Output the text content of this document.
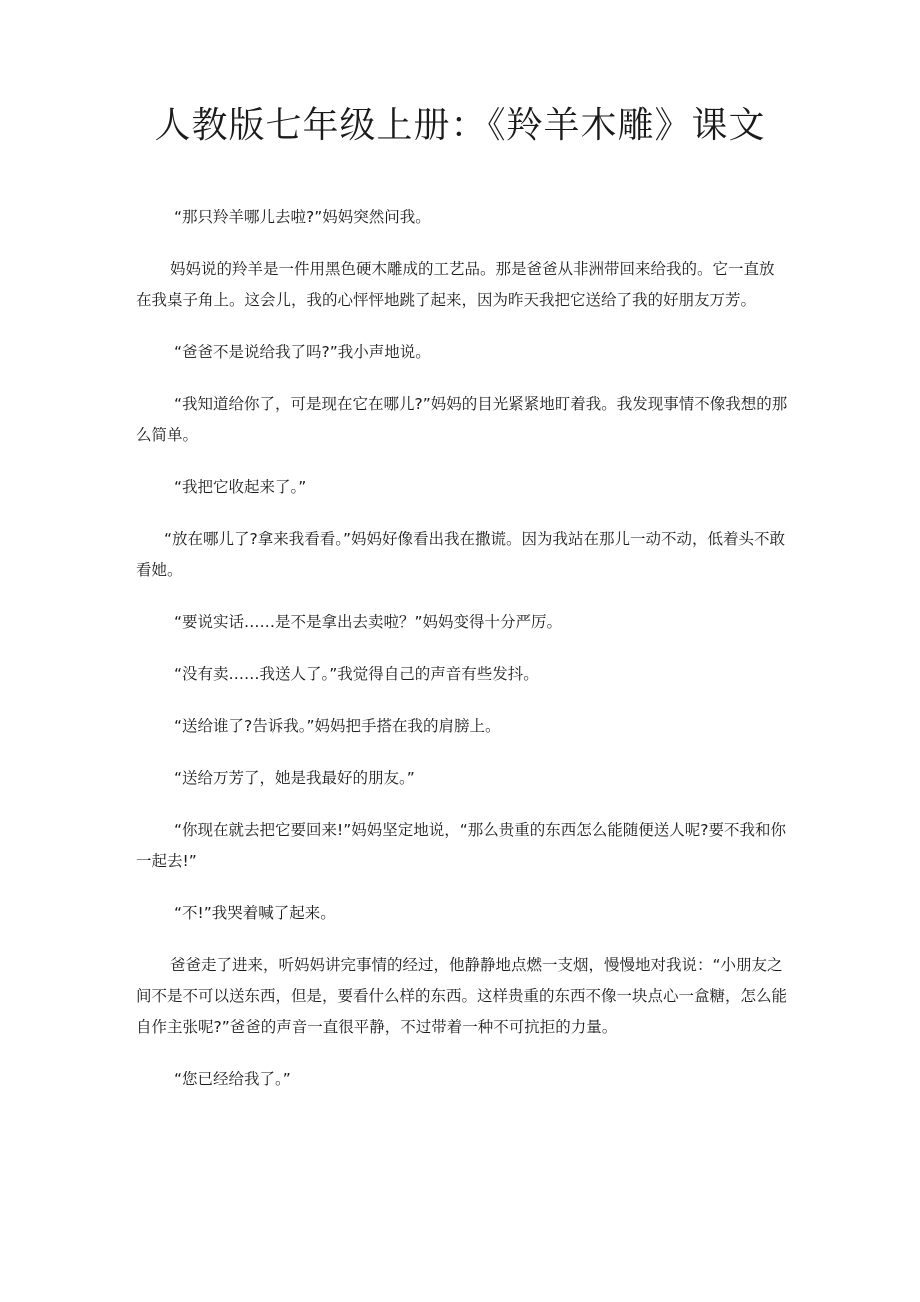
人教版七年级上册：《羚羊木雕》课文

“那只羚羊哪儿去啦?”妈妈突然问我。

妈妈说的羚羊是一件用黑色硬木雕成的工艺品。那是爸爸从非洲带回来给我的。它一直放在我桌子角上。这会儿，我的心怦怦地跳了起来，因为昨天我把它送给了我的好朋友万芳。

“爸爸不是说给我了吗?”我小声地说。

“我知道给你了，可是现在它在哪儿?”妈妈的目光紧紧地盯着我。我发现事情不像我想的那么简单。

“我把它收起来了。”

“放在哪儿了?拿来我看看。”妈妈好像看出我在撒谎。因为我站在那儿一动不动，低着头不敢看她。

“要说实话……是不是拿出去卖啦？”妈妈变得十分严厉。

“没有卖……我送人了。”我觉得自己的声音有些发抖。

“送给谁了?告诉我。”妈妈把手搭在我的肩膀上。

“送给万芳了，她是我最好的朋友。”

“你现在就去把它要回来!”妈妈坚定地说，“那么贵重的东西怎么能随便送人呢?要不我和你一起去!”

“不!”我哭着喊了起来。

爸爸走了进来，听妈妈讲完事情的经过，他静静地点燃一支烟，慢慢地对我说：“小朋友之间不是不可以送东西，但是，要看什么样的东西。这样贵重的东西不像一块点心一盒糖，怎么能自作主张呢?”爸爸的声音一直很平静，不过带着一种不可抗拒的力量。

“您已经给我了。”
